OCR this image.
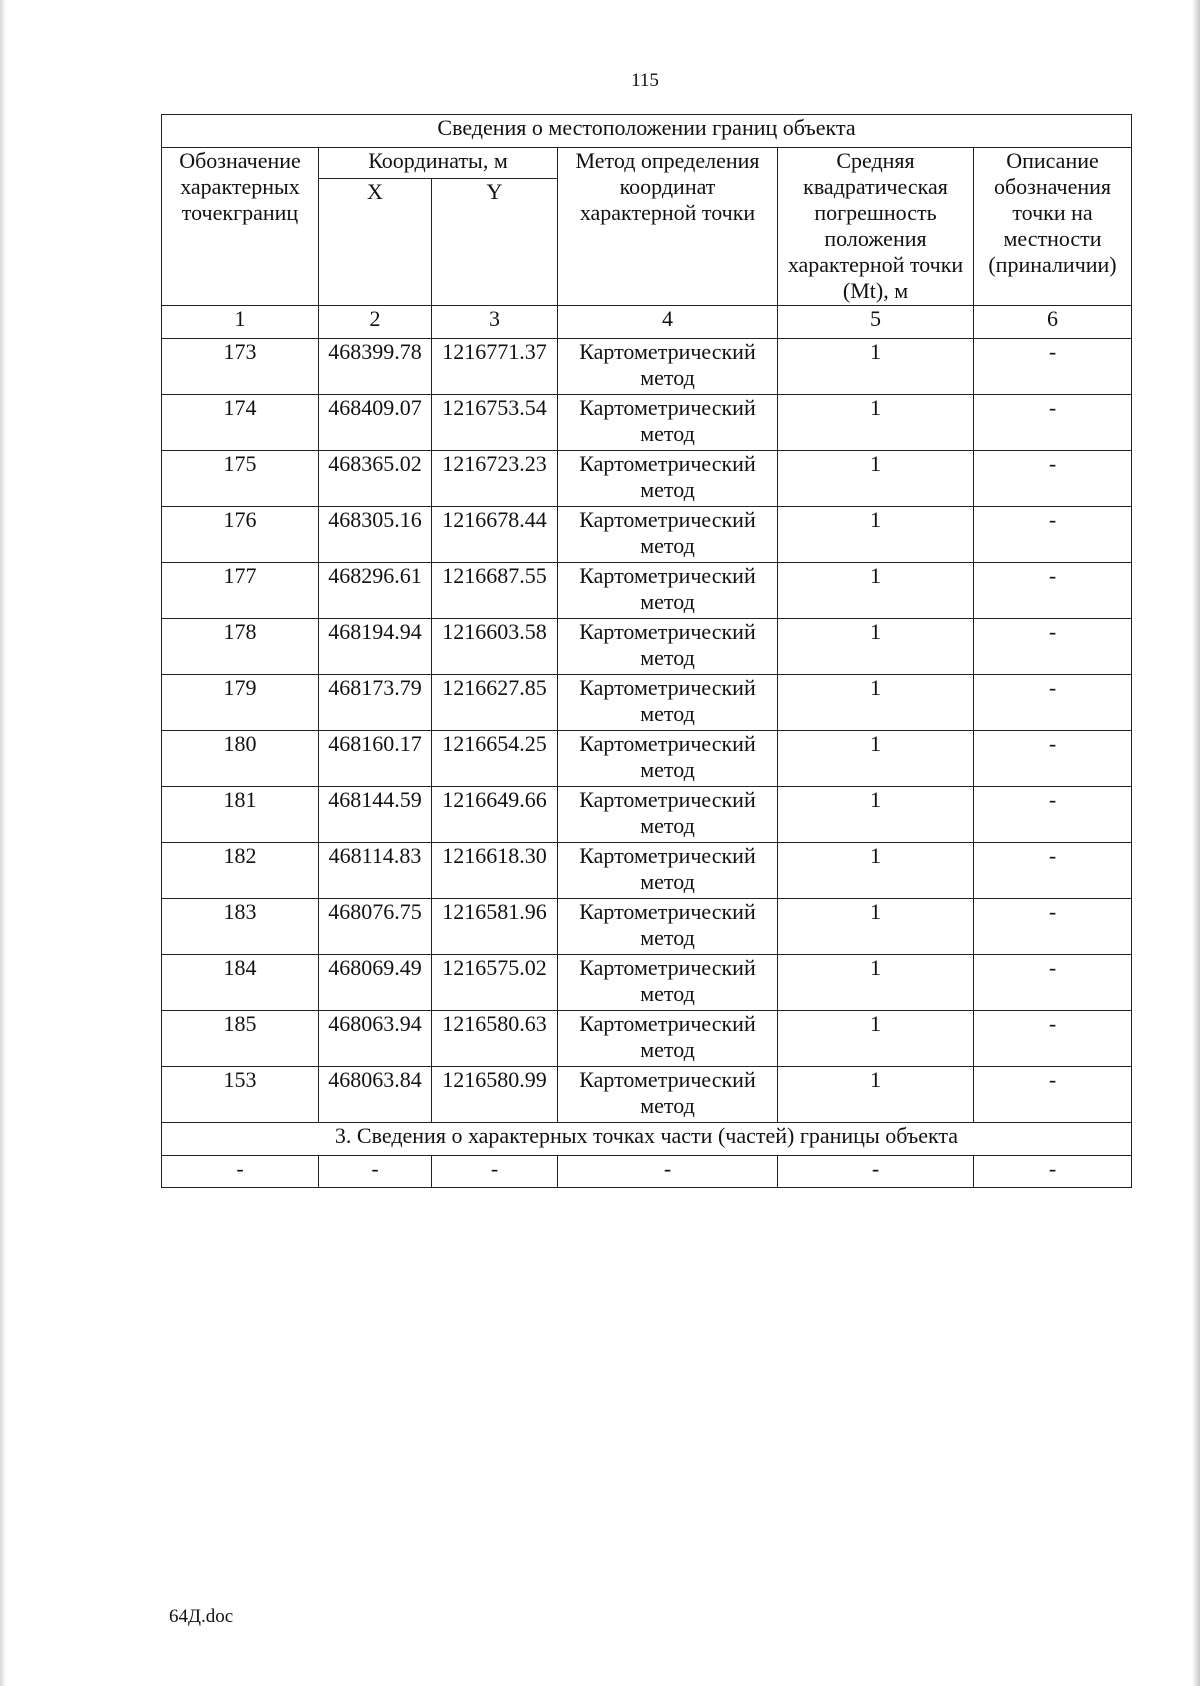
115
Сведения о местоположении границ объекта					
Обозначение характерных точекграниц	Координаты, м		Метод определения координат характерной точки	Средняя квадратическая погрешность положения характерной точки (Mt), м	Описание обозначения точки на местности (приналичии)
	X	Y			
1	2	3	4	5	6
173	468399.78	1216771.37	Картометрический метод	1	-
174	468409.07	1216753.54	Картометрический метод	1	-
175	468365.02	1216723.23	Картометрический метод	1	-
176	468305.16	1216678.44	Картометрический метод	1	-
177	468296.61	1216687.55	Картометрический метод	1	-
178	468194.94	1216603.58	Картометрический метод	1	-
179	468173.79	1216627.85	Картометрический метод	1	-
180	468160.17	1216654.25	Картометрический метод	1	-
181	468144.59	1216649.66	Картометрический метод	1	-
182	468114.83	1216618.30	Картометрический метод	1	-
183	468076.75	1216581.96	Картометрический метод	1	-
184	468069.49	1216575.02	Картометрический метод	1	-
185	468063.94	1216580.63	Картометрический метод	1	-
153	468063.84	1216580.99	Картометрический метод	1	-
3. Сведения о характерных точках части (частей) границы объекта					
-	-	-	-	-	-
64Д.doc
